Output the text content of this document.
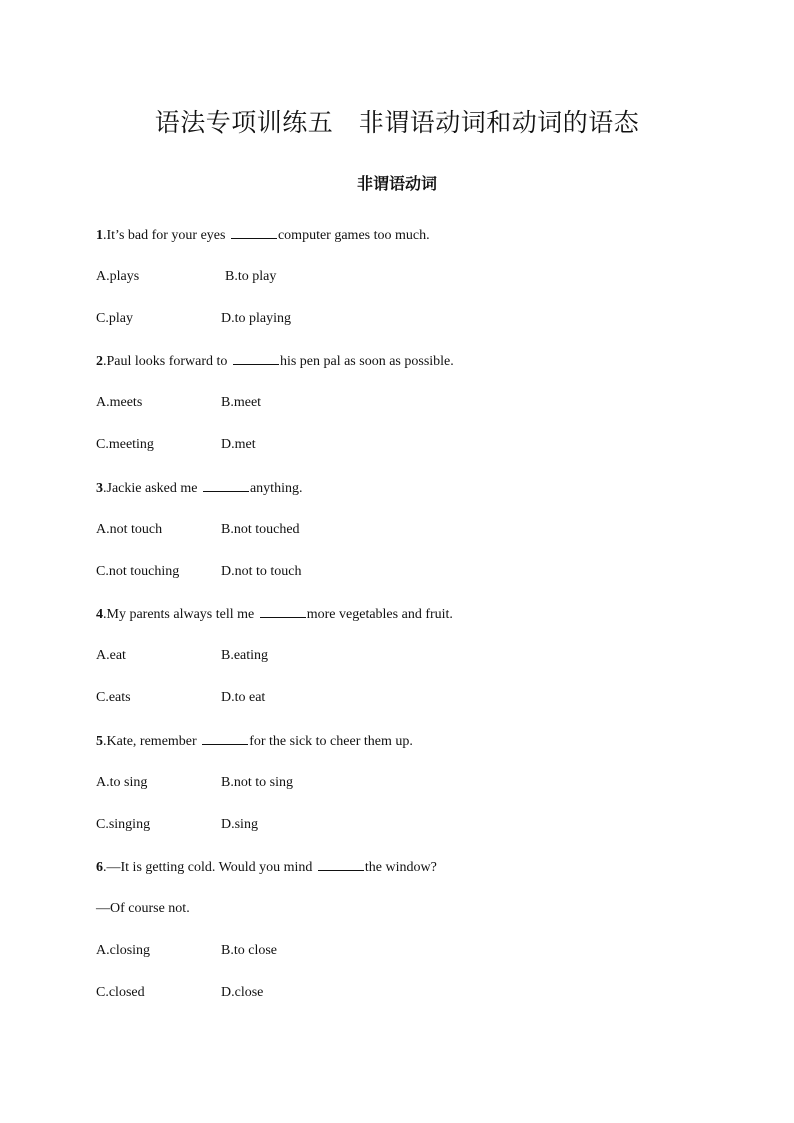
语法专项训练五　非谓语动词和动词的语态
非谓语动词
1.It’s bad for your eyes	computer games too much.
A.plays	B.to play
C.play	D.to playing
2.Paul looks forward to	his pen pal as soon as possible.
A.meets	B.meet
C.meeting	D.met
3.Jackie asked me	anything.
A.not touch	B.not touched
C.not touching	D.not to touch
4.My parents always tell me	more vegetables and fruit.
A.eat	B.eating
C.eats	D.to eat
5.Kate, remember	for the sick to cheer them up.
A.to sing	B.not to sing
C.singing	D.sing
6.—It is getting cold. Would you mind	the window?
—Of course not.
A.closing	B.to close
C.closed	D.close
